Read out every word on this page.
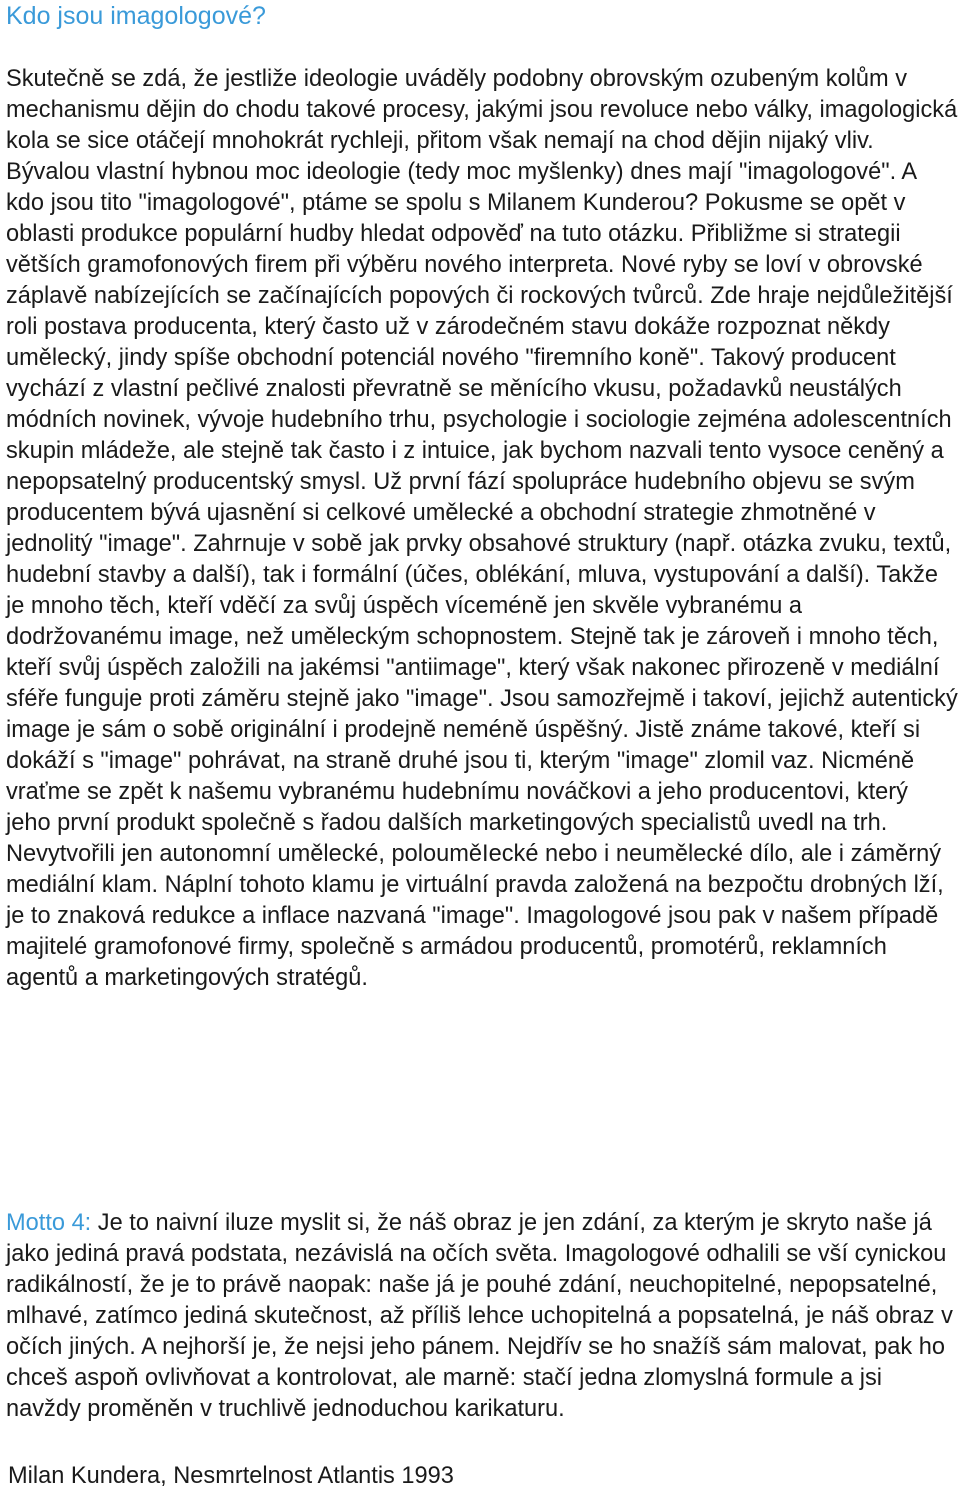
Kdo jsou imagologové?

Skutečně se zdá, že jestliže ideologie uváděly podobny obrovským ozubeným kolům v mechanismu dějin do chodu takové procesy, jakými jsou revoluce nebo války, imagologická kola se sice otáčejí mnohokrát rychleji, přitom však nemají na chod dějin nijaký vliv. Bývalou vlastní hybnou moc ideologie (tedy moc myšlenky) dnes mají "imagologové". A kdo jsou tito "imagologové", ptáme se spolu s Milanem Kunderou? Pokusme se opět v oblasti produkce populární hudby hledat odpověď na tuto otázku. Přibližme si strategii větších gramofonových firem při výběru nového interpreta. Nové ryby se loví v obrovské záplavě nabízejících se začínajících popových či rockových tvůrců. Zde hraje nejdůležitější roli postava producenta, který často už v zárodečném stavu dokáže rozpoznat někdy umělecký, jindy spíše obchodní potenciál nového "firemního koně". Takový producent vychází z vlastní pečlivé znalosti převratně se měnícího vkusu, požadavků neustálých módních novinek, vývoje hudebního trhu, psychologie i sociologie zejména adolescentních skupin mládeže, ale stejně tak často i z intuice, jak bychom nazvali tento vysoce ceněný a nepopsatelný producentský smysl. Už první fází spolupráce hudebního objevu se svým producentem bývá ujasnění si celkové umělecké a obchodní strategie zhmotněné v jednolitý "image". Zahrnuje v sobě jak prvky obsahové struktury (např. otázka zvuku, textů, hudební stavby a další), tak i formální (účes, oblékání, mluva, vystupování a další). Takže je mnoho těch, kteří vděčí za svůj úspěch víceméně jen skvěle vybranému a dodržovanému image, než uměleckým schopnostem. Stejně tak je zároveň i mnoho těch, kteří svůj úspěch založili na jakémsi "antiimage", který však nakonec přirozeně v mediální sféře funguje proti záměru stejně jako "image". Jsou samozřejmě i takoví, jejichž autentický image je sám o sobě originální i prodejně neméně úspěšný. Jistě známe takové, kteří si dokáží s "image" pohrávat, na straně druhé jsou ti, kterým "image" zlomil vaz. Nicméně vraťme se zpět k našemu vybranému hudebnímu nováčkovi a jeho producentovi, který jeho první produkt společně s řadou dalších marketingových specialistů uvedl na trh. Nevytvořili jen autonomní umělecké, polouměIecké nebo i neumělecké dílo, ale i záměrný mediální klam. Náplní tohoto klamu je virtuální pravda založená na bezpočtu drobných lží, je to znaková redukce a inflace nazvaná "image". Imagologové jsou pak v našem případě majitelé gramofonové firmy, společně s armádou producentů, promotérů, reklamních agentů a marketingových stratégů.

Motto 4: Je to naivní iluze myslit si, že náš obraz je jen zdání, za kterým je skryto naše já jako jediná pravá podstata, nezávislá na očích světa. Imagologové odhalili se vší cynickou radikálností, že je to právě naopak: naše já je pouhé zdání, neuchopitelné, nepopsatelné, mlhavé, zatímco jediná skutečnost, až příliš lehce uchopitelná a popsatelná, je náš obraz v očích jiných. A nejhorší je, že nejsi jeho pánem. Nejdřív se ho snažíš sám malovat, pak ho chceš aspoň ovlivňovat a kontrolovat, ale marně: stačí jedna zlomyslná formule a jsi navždy proměněn v truchlivě jednoduchou karikaturu.

Milan Kundera, Nesmrtelnost Atlantis 1993
